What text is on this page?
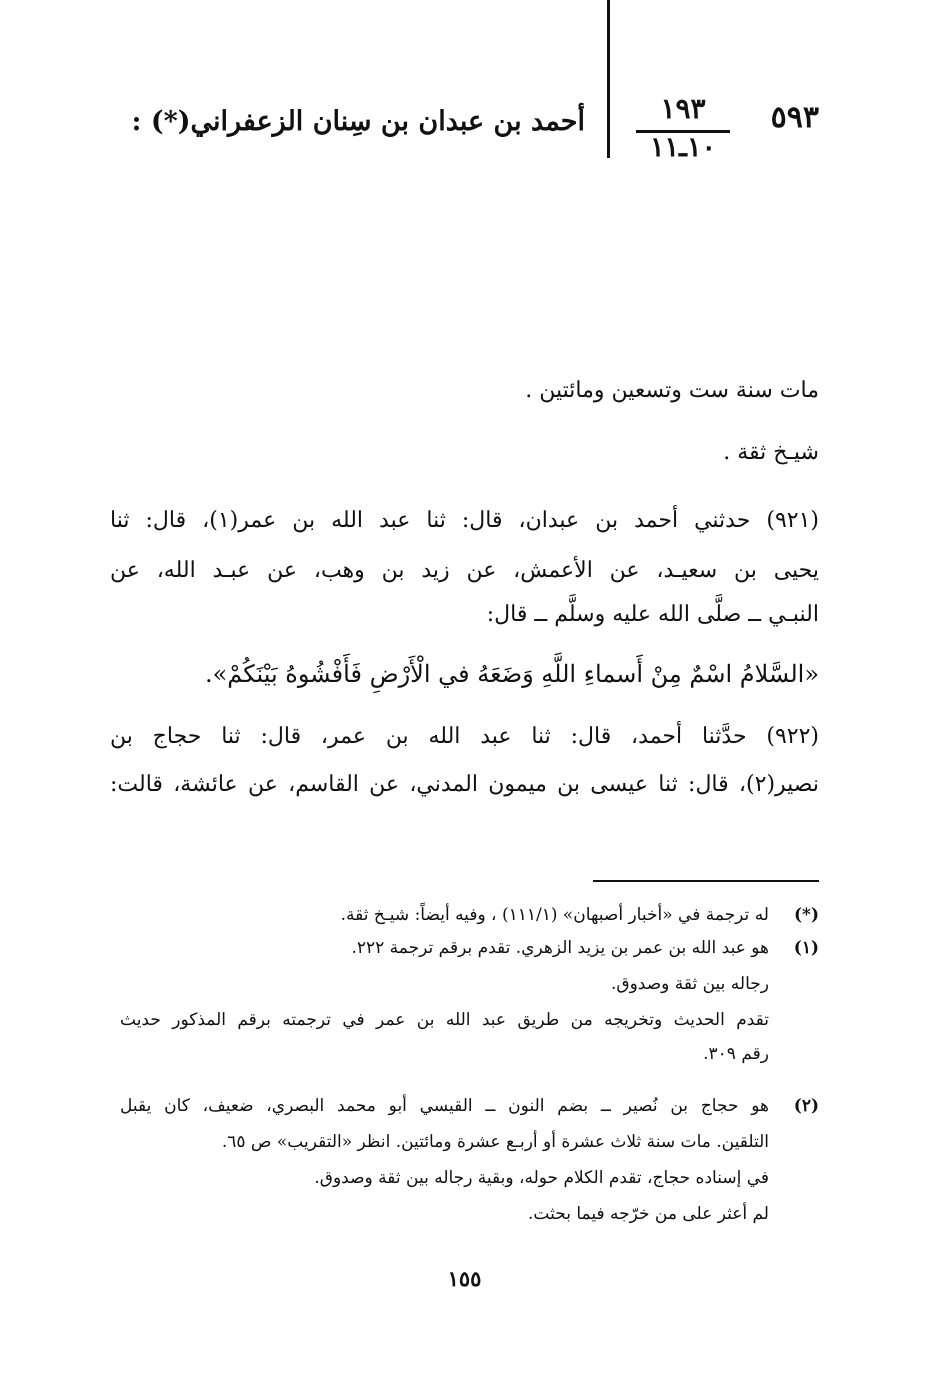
٥٩٣
١٩٣
١٠ـ١١
أحمد بن عبدان بن سِنان الزعفراني(*) :
مات سنة ست وتسعين ومائتين .
شيـخ ثقة .
(٩٢١) حدثني أحمد بن عبدان، قال: ثنا عبد الله بن عمر(١)، قال: ثنا
يحيى بن سعيـد، عن الأعمش، عن زيد بن وهب، عن عبـد الله، عن
النبـي ــ صلَّى الله عليه وسلَّم ــ قال:
«السَّلامُ اسْمٌ مِنْ أَسماءِ اللَّهِ وَضَعَهُ في الْأَرْضِ فَأَفْشُوهُ بَيْنَكُمْ».
(٩٢٢) حدَّثنا أحمد، قال: ثنا عبد الله بن عمر، قال: ثنا حجاج بن
نصير(٢)، قال: ثنا عيسى بن ميمون المدني، عن القاسم، عن عائشة، قالت:
(*)
له ترجمة في «أخبار أصبهان» (١١١/١) ، وفيه أيضاً: شيـخ ثقة.
(١)
هو عبد الله بن عمر بن يزيد الزهري. تقدم برقم ترجمة ٢٢٢.
رجاله بين ثقة وصدوق.
تقدم الحديث وتخريجه من طريق عبد الله بن عمر في ترجمته برقم المذكور حديث
رقم ٣٠٩.
(٢)
هو حجاج بن نُصير ــ بضم النون ــ القيسي أبو محمد البصري، ضعيف، كان يقبل
التلقين. مات سنة ثلاث عشرة أو أربـع عشرة ومائتين. انظر «التقريب» ص ٦٥.
في إسناده حجاج، تقدم الكلام حوله، وبقية رجاله بين ثقة وصدوق.
لم أعثر على من خرّجه فيما بحثت.
١٥٥
